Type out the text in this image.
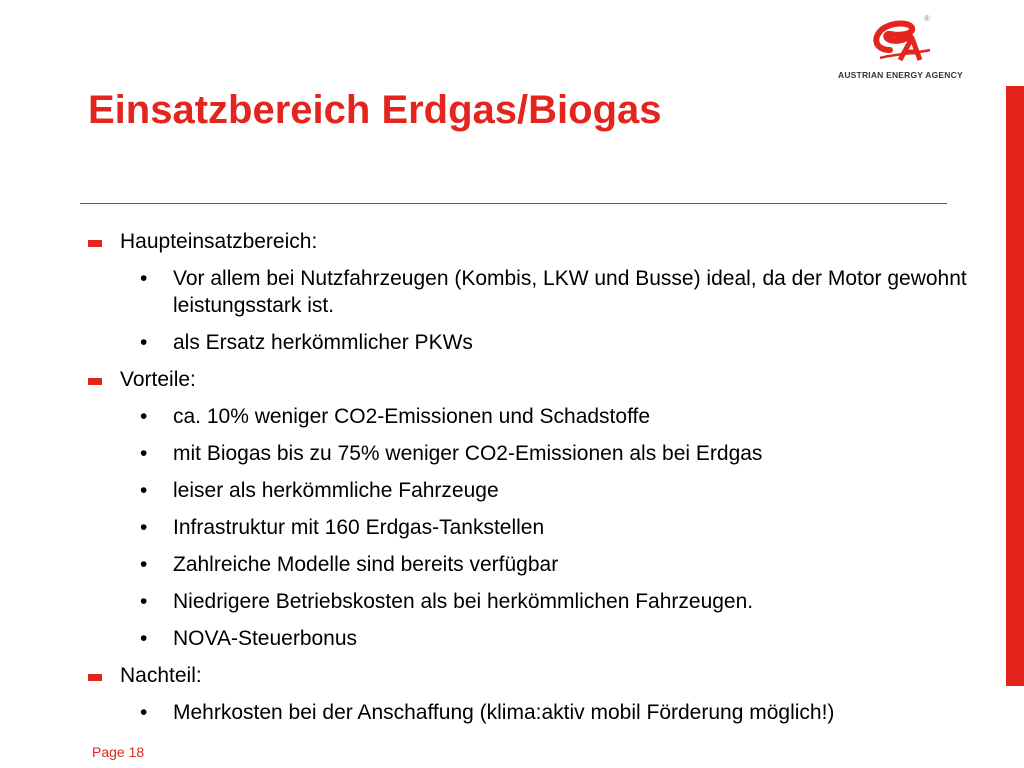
®
AUSTRIAN ENERGY AGENCY
Einsatzbereich Erdgas/Biogas
Haupteinsatzbereich:
• Vor allem bei Nutzfahrzeugen (Kombis, LKW und Busse) ideal, da der Motor gewohnt leistungsstark ist.
• als Ersatz herkömmlicher PKWs
Vorteile:
• ca. 10% weniger CO2-Emissionen und Schadstoffe
• mit Biogas bis zu 75% weniger CO2-Emissionen als bei Erdgas
• leiser als herkömmliche Fahrzeuge
• Infrastruktur mit 160 Erdgas-Tankstellen
• Zahlreiche Modelle sind bereits verfügbar
• Niedrigere Betriebskosten als bei herkömmlichen Fahrzeugen.
• NOVA-Steuerbonus
Nachteil:
• Mehrkosten bei der Anschaffung (klima:aktiv mobil Förderung möglich!)
Page 18
